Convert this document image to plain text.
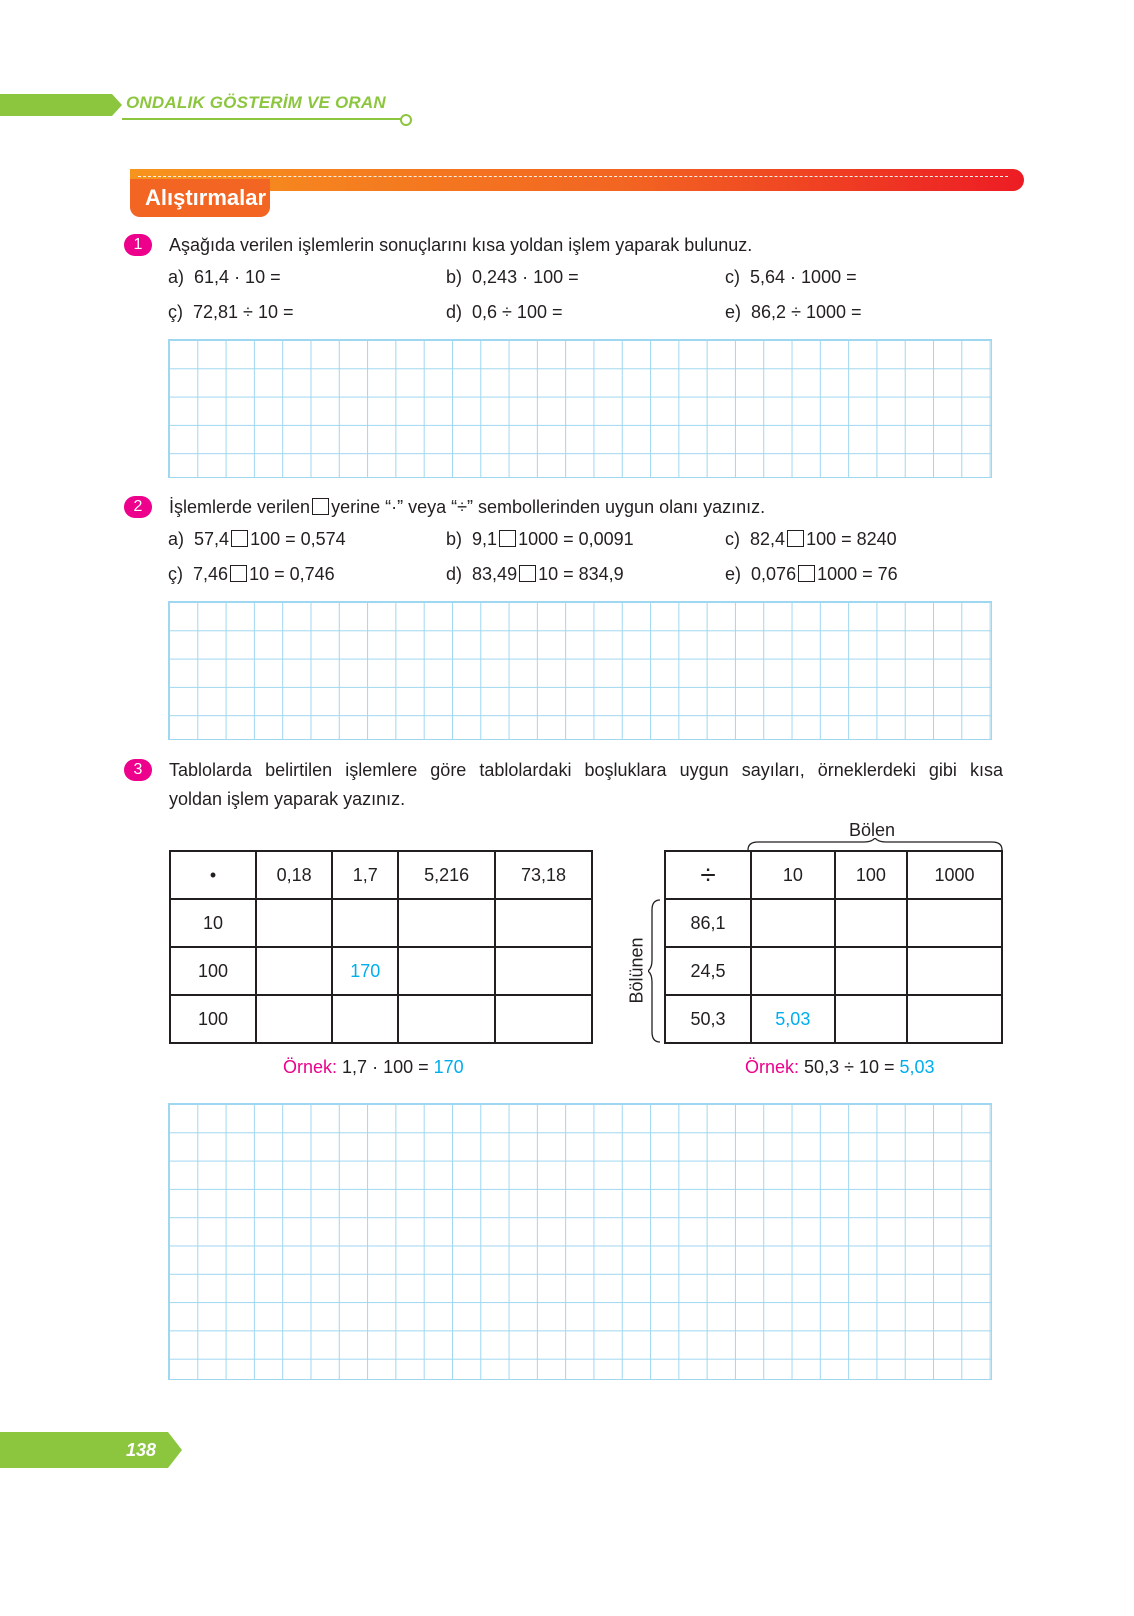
ONDALIK GÖSTERİM VE ORAN
Alıştırmalar
1	Aşağıda verilen işlemlerin sonuçlarını kısa yoldan işlem yaparak bulunuz.
a) 61,4 · 10 =	b) 0,243 · 100 =	c) 5,64 · 1000 =
ç) 72,81 ÷ 10 =	d) 0,6 ÷ 100 =	e) 86,2 ÷ 1000 =
2	İşlemlerde verilen yerine “·” veya “÷” sembollerinden uygun olanı yazınız.
a) 57,4 100 = 0,574	b) 9,1 1000 = 0,0091	c) 82,4 100 = 8240
ç) 7,46 10 = 0,746	d) 83,49 10 = 834,9	e) 0,076 1000 = 76
3	Tablolarda belirtilen işlemlere göre tablolardaki boşluklara uygun sayıları, örneklerdeki gibi kısa
yoldan işlem yaparak yazınız.
•	0,18	1,7	5,216	73,18
10				
100		170		
100				
Bölen
Bölünen
÷	10	100	1000
86,1			
24,5			
50,3	5,03		
Örnek: 1,7 · 100 = 170	Örnek: 50,3 ÷ 10 = 5,03
138
